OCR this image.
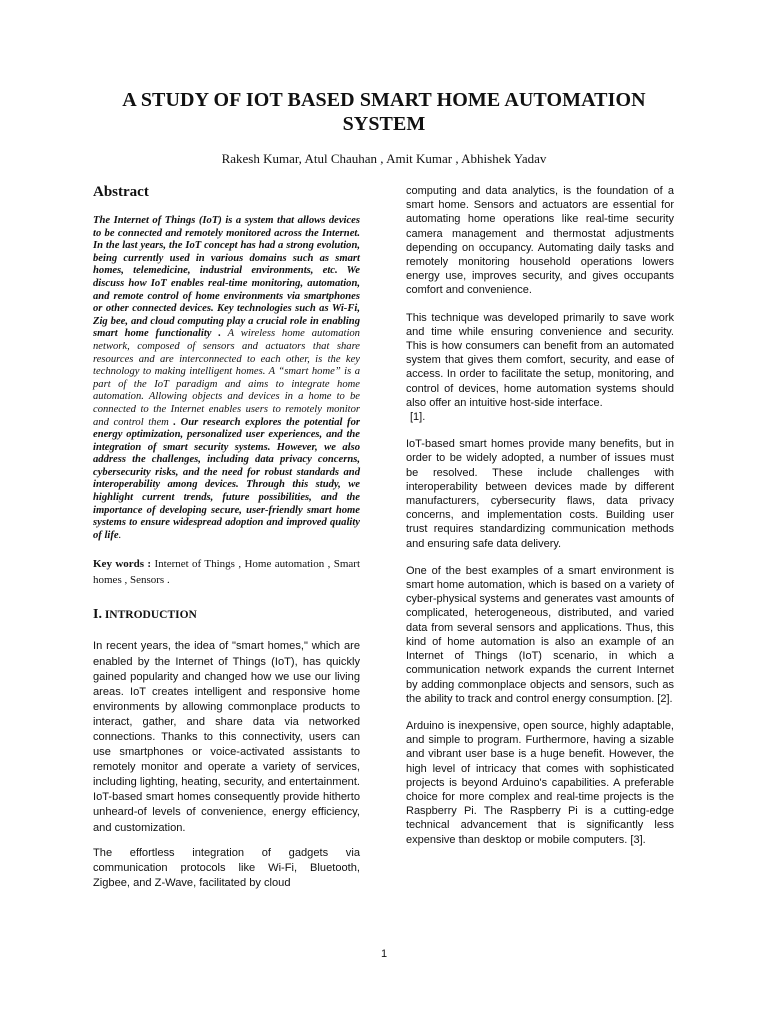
A STUDY OF IOT BASED SMART HOME AUTOMATION SYSTEM
Rakesh Kumar, Atul Chauhan , Amit Kumar , Abhishek Yadav
Abstract

The Internet of Things (IoT) is a system that allows devices to be connected and remotely monitored across the Internet. In the last years, the IoT concept has had a strong evolution, being currently used in various domains such as smart homes, telemedicine, industrial environments, etc. We discuss how IoT enables real-time monitoring, automation, and remote control of home environments via smartphones or other connected devices. Key technologies such as Wi-Fi, Zig bee, and cloud computing play a crucial role in enabling smart home functionality . A wireless home automation network, composed of sensors and actuators that share resources and are interconnected to each other, is the key technology to making intelligent homes. A “smart home” is a part of the IoT paradigm and aims to integrate home automation. Allowing objects and devices in a home to be connected to the Internet enables users to remotely monitor and control them . Our research explores the potential for energy optimization, personalized user experiences, and the integration of smart security systems. However, we also address the challenges, including data privacy concerns, cybersecurity risks, and the need for robust standards and interoperability among devices. Through this study, we highlight current trends, future possibilities, and the importance of developing secure, user-friendly smart home systems to ensure widespread adoption and improved quality of life.

Key words : Internet of Things , Home automation , Smart homes , Sensors .

I. INTRODUCTION

In recent years, the idea of "smart homes," which are enabled by the Internet of Things (IoT), has quickly gained popularity and changed how we use our living areas. IoT creates intelligent and responsive home environments by allowing commonplace products to interact, gather, and share data via networked connections. Thanks to this connectivity, users can use smartphones or voice-activated assistants to remotely monitor and operate a variety of services, including lighting, heating, security, and entertainment. IoT-based smart homes consequently provide hitherto unheard-of levels of convenience, energy efficiency, and customization.

The effortless integration of gadgets via communication protocols like Wi-Fi, Bluetooth, Zigbee, and Z-Wave, facilitated by cloud

computing and data analytics, is the foundation of a smart home. Sensors and actuators are essential for automating home operations like real-time security camera management and thermostat adjustments depending on occupancy. Automating daily tasks and remotely monitoring household operations lowers energy use, improves security, and gives occupants comfort and convenience.

This technique was developed primarily to save work and time while ensuring convenience and security. This is how consumers can benefit from an automated system that gives them comfort, security, and ease of access. In order to facilitate the setup, monitoring, and control of devices, home automation systems should also offer an intuitive host-side interface.

[1].

IoT-based smart homes provide many benefits, but in order to be widely adopted, a number of issues must be resolved. These include challenges with interoperability between devices made by different manufacturers, cybersecurity flaws, data privacy concerns, and implementation costs. Building user trust requires standardizing communication methods and ensuring safe data delivery.

One of the best examples of a smart environment is smart home automation, which is based on a variety of cyber-physical systems and generates vast amounts of complicated, heterogeneous, distributed, and varied data from several sensors and applications. Thus, this kind of home automation is also an example of an Internet of Things (IoT) scenario, in which a communication network expands the current Internet by adding commonplace objects and sensors, such as the ability to track and control energy consumption. [2].

Arduino is inexpensive, open source, highly adaptable, and simple to program. Furthermore, having a sizable and vibrant user base is a huge benefit. However, the high level of intricacy that comes with sophisticated projects is beyond Arduino's capabilities. A preferable choice for more complex and real-time projects is the Raspberry Pi. The Raspberry Pi is a cutting-edge technical advancement that is significantly less expensive than desktop or mobile computers. [3].

1
